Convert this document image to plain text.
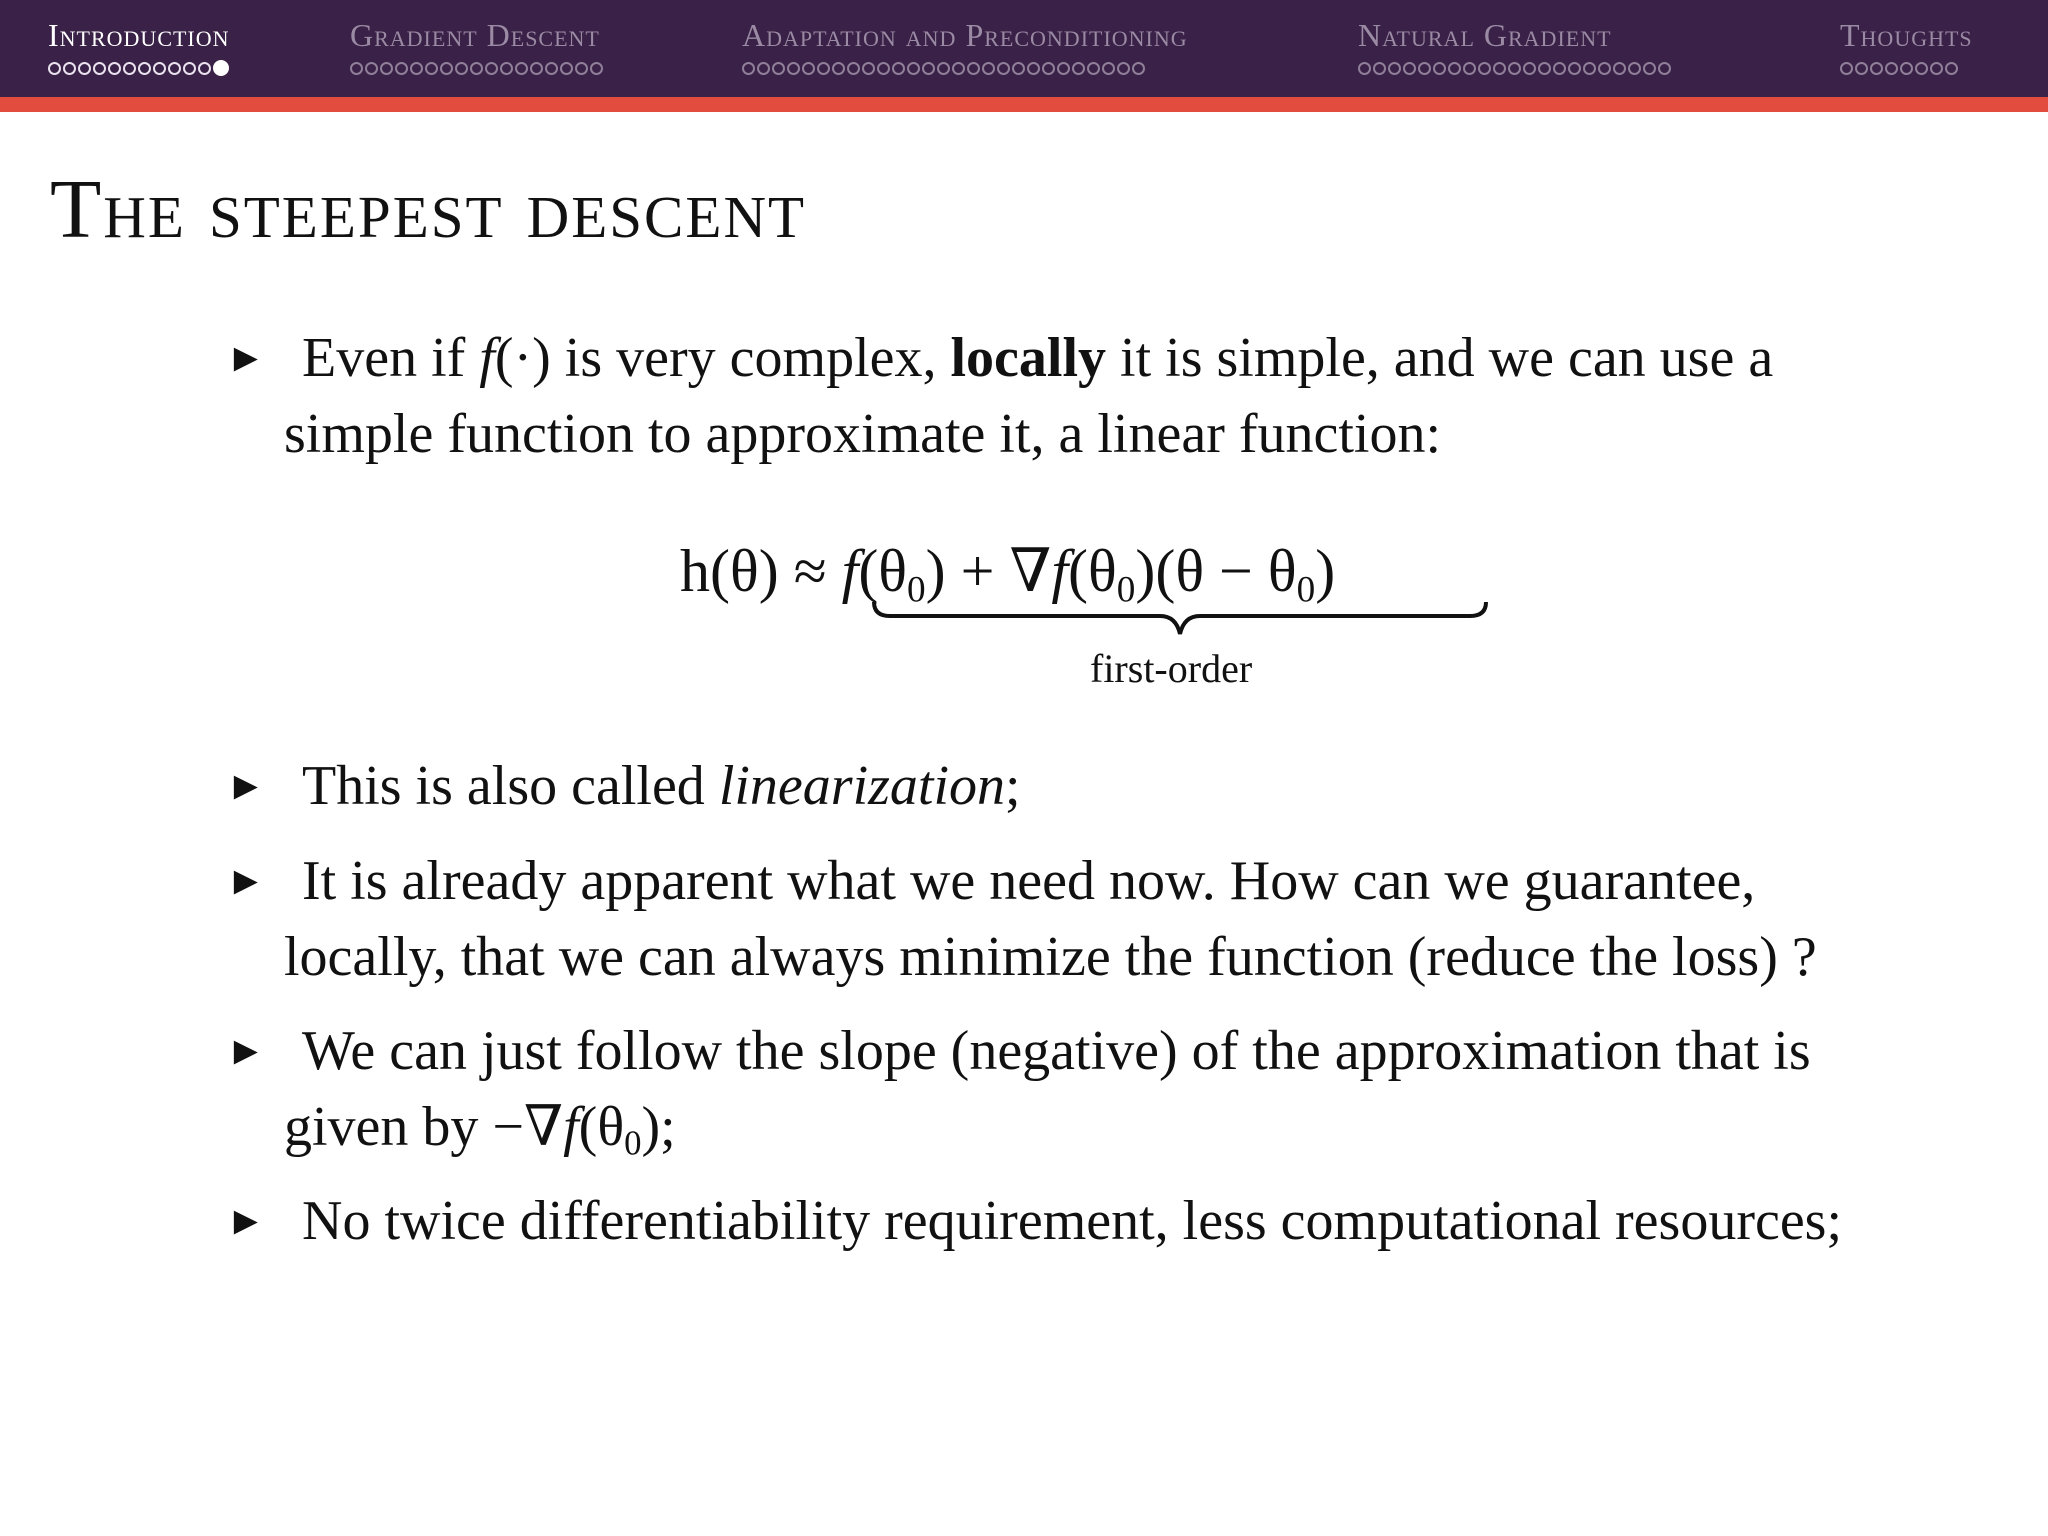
Introduction	Gradient Descent	Adaptation and Preconditioning	Natural Gradient	Thoughts
The steepest descent
► Even if f(·) is very complex, locally it is simple, and we can use a simple function to approximate it, a linear function:
$h(\theta) \approx f(\theta_0) + \nabla f(\theta_0)(\theta - \theta_0)$
first-order
► This is also called linearization;
► It is already apparent what we need now. How can we guarantee, locally, that we can always minimize the function (reduce the loss) ?
► We can just follow the slope (negative) of the approximation that is given by $-\nabla f(\theta_0)$;
► No twice differentiability requirement, less computational resources;
